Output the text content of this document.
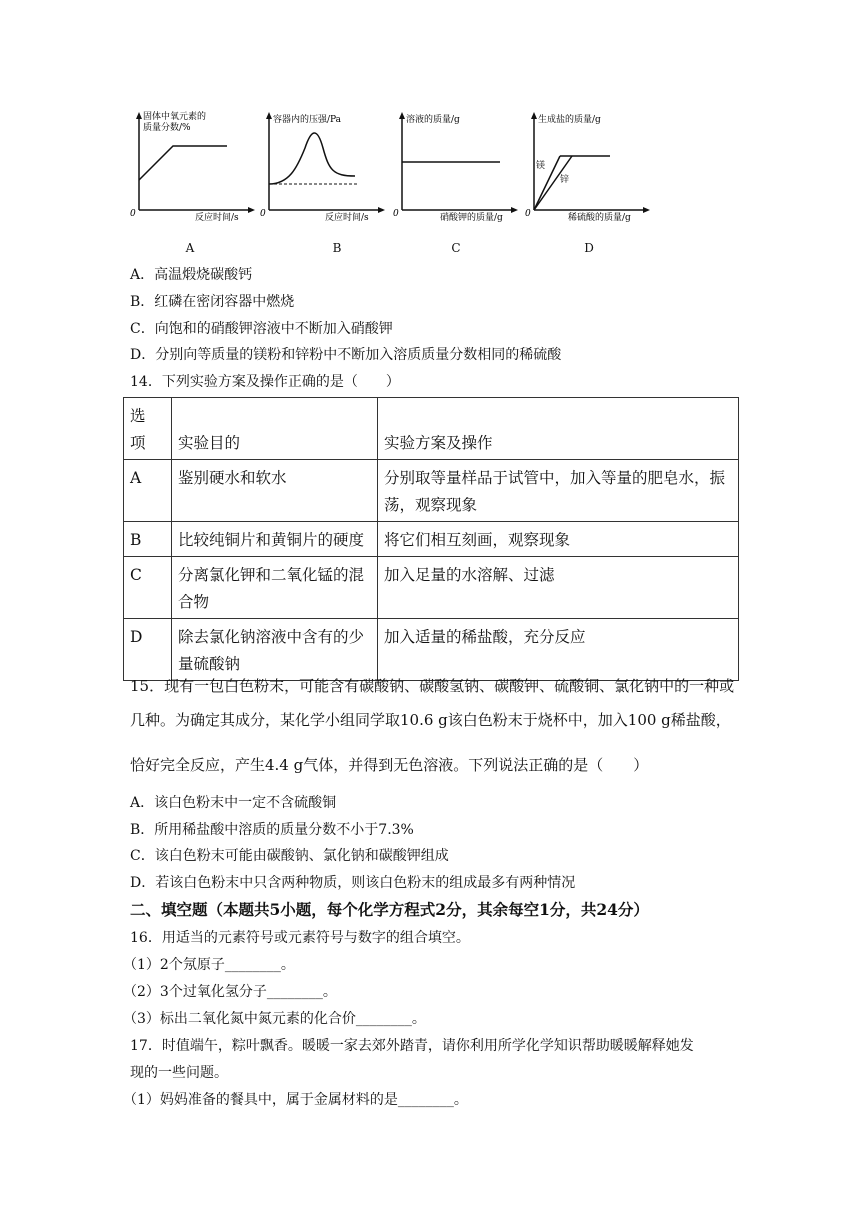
固体中氧元素的
质量分数/%
0	反应时间/s
容器内的压强/Pa
0	反应时间/s
溶液的质量/g
0	硝酸钾的质量/g
生成盐的质量/g
镁
锌
0	稀硫酸的质量/g
A	B	C	D
A．高温煅烧碳酸钙
B．红磷在密闭容器中燃烧
C．向饱和的硝酸钾溶液中不断加入硝酸钾
D．分别向等质量的镁粉和锌粉中不断加入溶质质量分数相同的稀硫酸
14．下列实验方案及操作正确的是（　　）
选
项	实验目的	实验方案及操作
A	鉴别硬水和软水	分别取等量样品于试管中，加入等量的肥皂水，振荡，观察现象
B	比较纯铜片和黄铜片的硬度	将它们相互刻画，观察现象
C	分离氯化钾和二氧化锰的混合物	加入足量的水溶解、过滤
D	除去氯化钠溶液中含有的少量硫酸钠	加入适量的稀盐酸，充分反应
15．现有一包白色粉末，可能含有碳酸钠、碳酸氢钠、碳酸钾、硫酸铜、氯化钠中的一种或
几种。为确定其成分，某化学小组同学取10.6 g该白色粉末于烧杯中，加入100 g稀盐酸，
恰好完全反应，产生4.4 g气体，并得到无色溶液。下列说法正确的是（　　）
A．该白色粉末中一定不含硫酸铜
B．所用稀盐酸中溶质的质量分数不小于7.3%
C．该白色粉末可能由碳酸钠、氯化钠和碳酸钾组成
D．若该白色粉末中只含两种物质，则该白色粉末的组成最多有两种情况
二、填空题（本题共5小题，每个化学方程式2分，其余每空1分，共24分）
16．用适当的元素符号或元素符号与数字的组合填空。
（1）2个氖原子________。
（2）3个过氧化氢分子________。
（3）标出二氧化氮中氮元素的化合价________。
17．时值端午，粽叶飘香。暖暖一家去郊外踏青，请你利用所学化学知识帮助暖暖解释她发
现的一些问题。
（1）妈妈准备的餐具中，属于金属材料的是________。
